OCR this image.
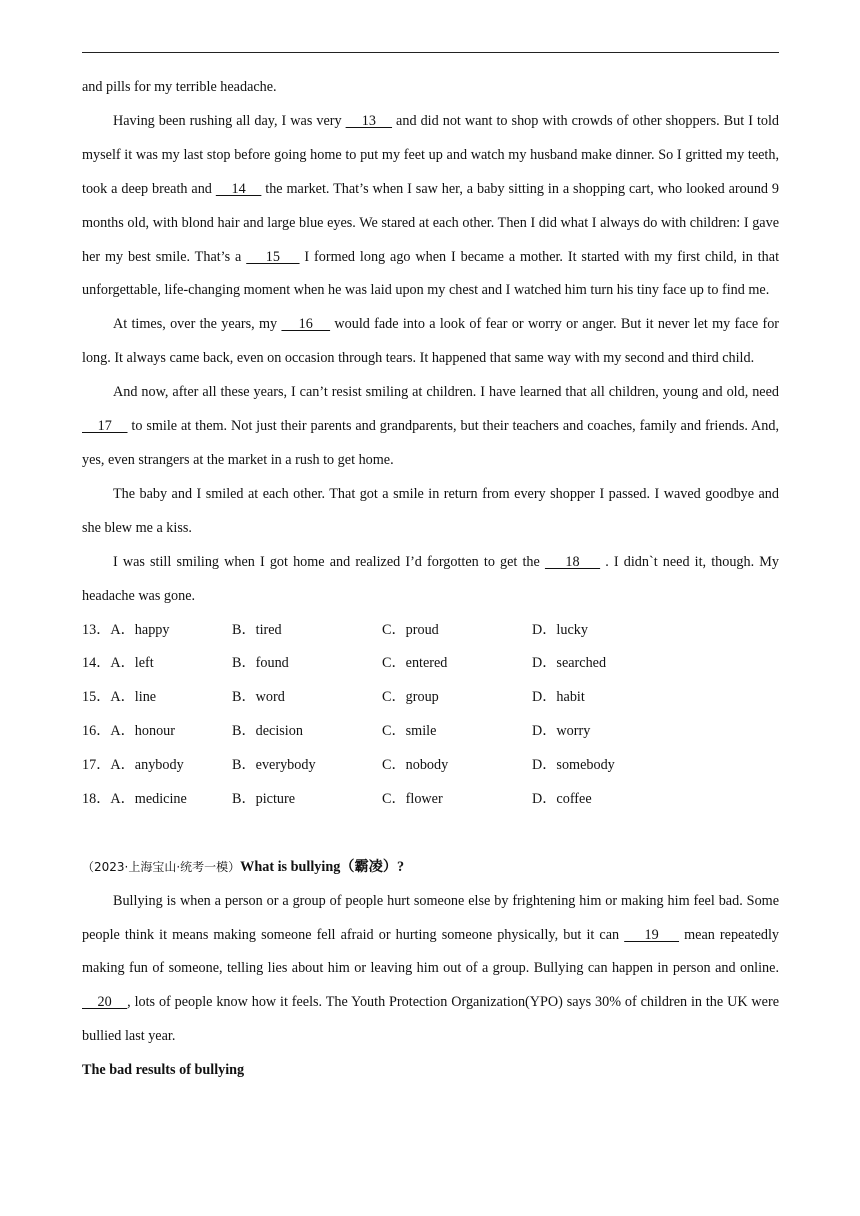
and pills for my terrible headache.

Having been rushing all day, I was very     13     and did not want to shop with crowds of other shoppers. But I told myself it was my last stop before going home to put my feet up and watch my husband make dinner. So I gritted my teeth, took a deep breath and     14     the market. That’s when I saw her, a baby sitting in a shopping cart, who looked around 9 months old, with blond hair and large blue eyes. We stared at each other. Then I did what I always do with children: I gave her my best smile. That’s a     15     I formed long ago when I became a mother. It started with my first child, in that unforgettable, life-changing moment when he was laid upon my chest and I watched him turn his tiny face up to find me.

At times, over the years, my     16     would fade into a look of fear or worry or anger. But it never let my face for long. It always came back, even on occasion through tears. It happened that same way with my second and third child.

And now, after all these years, I can’t resist smiling at children. I have learned that all children, young and old, need     17     to smile at them. Not just their parents and grandparents, but their teachers and coaches, family and friends. And, yes, even strangers at the market in a rush to get home.

The baby and I smiled at each other. That got a smile in return from every shopper I passed. I waved goodbye and she blew me a kiss.

I was still smiling when I got home and realized I’d forgotten to get the     18     . I didn`t need it, though. My headache was gone.

13．A．happy	B．tired	C．proud	D．lucky
14．A．left	B．found	C．entered	D．searched
15．A．line	B．word	C．group	D．habit
16．A．honour	B．decision	C．smile	D．worry
17．A．anybody	B．everybody	C．nobody	D．somebody
18．A．medicine	B．picture	C．flower	D．coffee

（2023·上海宝山·统考一模）What is bullying（霸凌）?

Bullying is when a person or a group of people hurt someone else by frightening him or making him feel bad. Some people think it means making someone fell afraid or hurting someone physically, but it can     19     mean repeatedly making fun of someone, telling lies about him or leaving him out of a group. Bullying can happen in person and online.     20    , lots of people know how it feels. The Youth Protection Organization(YPO) says 30% of children in the UK were bullied last year.

The bad results of bullying
